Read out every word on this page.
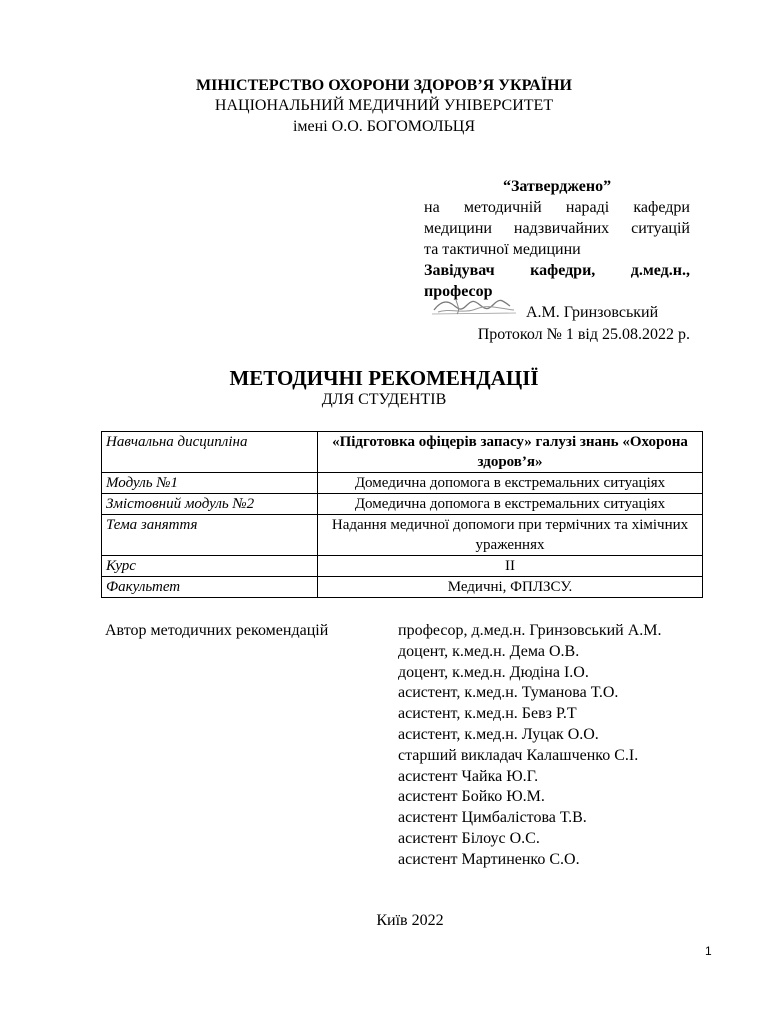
МІНІСТЕРСТВО ОХОРОНИ ЗДОРОВ’Я УКРАЇНИ
НАЦІОНАЛЬНИЙ МЕДИЧНИЙ УНІВЕРСИТЕТ
імені О.О. БОГОМОЛЬЦЯ
“Затверджено”
на методичній нараді кафедри
медицини надзвичайних ситуацій
та тактичної медицини
Завідувач кафедри, д.мед.н.,
професор
А.М. Гринзовський
Протокол № 1 від 25.08.2022 р.
МЕТОДИЧНІ РЕКОМЕНДАЦІЇ
ДЛЯ СТУДЕНТІВ
Навчальна дисципліна	«Підготовка офіцерів запасу» галузі знань «Охорона здоров’я»
Модуль №1	Домедична допомога в екстремальних ситуаціях
Змістовний модуль №2	Домедична допомога в екстремальних ситуаціях
Тема заняття	Надання медичної допомоги при термічних та хімічних ураженнях
Курс	ІІ
Факультет	Медичні, ФПЛЗСУ.
Автор методичних рекомендацій	професор, д.мед.н. Гринзовський А.М.
доцент, к.мед.н. Дема О.В.
доцент, к.мед.н. Дюдіна І.О.
асистент, к.мед.н. Туманова Т.О.
асистент, к.мед.н. Бевз Р.Т
асистент, к.мед.н. Луцак О.О.
старший викладач Калашченко С.І.
асистент Чайка Ю.Г.
асистент Бойко Ю.М.
асистент Цимбалістова Т.В.
асистент Білоус О.С.
асистент Мартиненко С.О.
Київ 2022
1
